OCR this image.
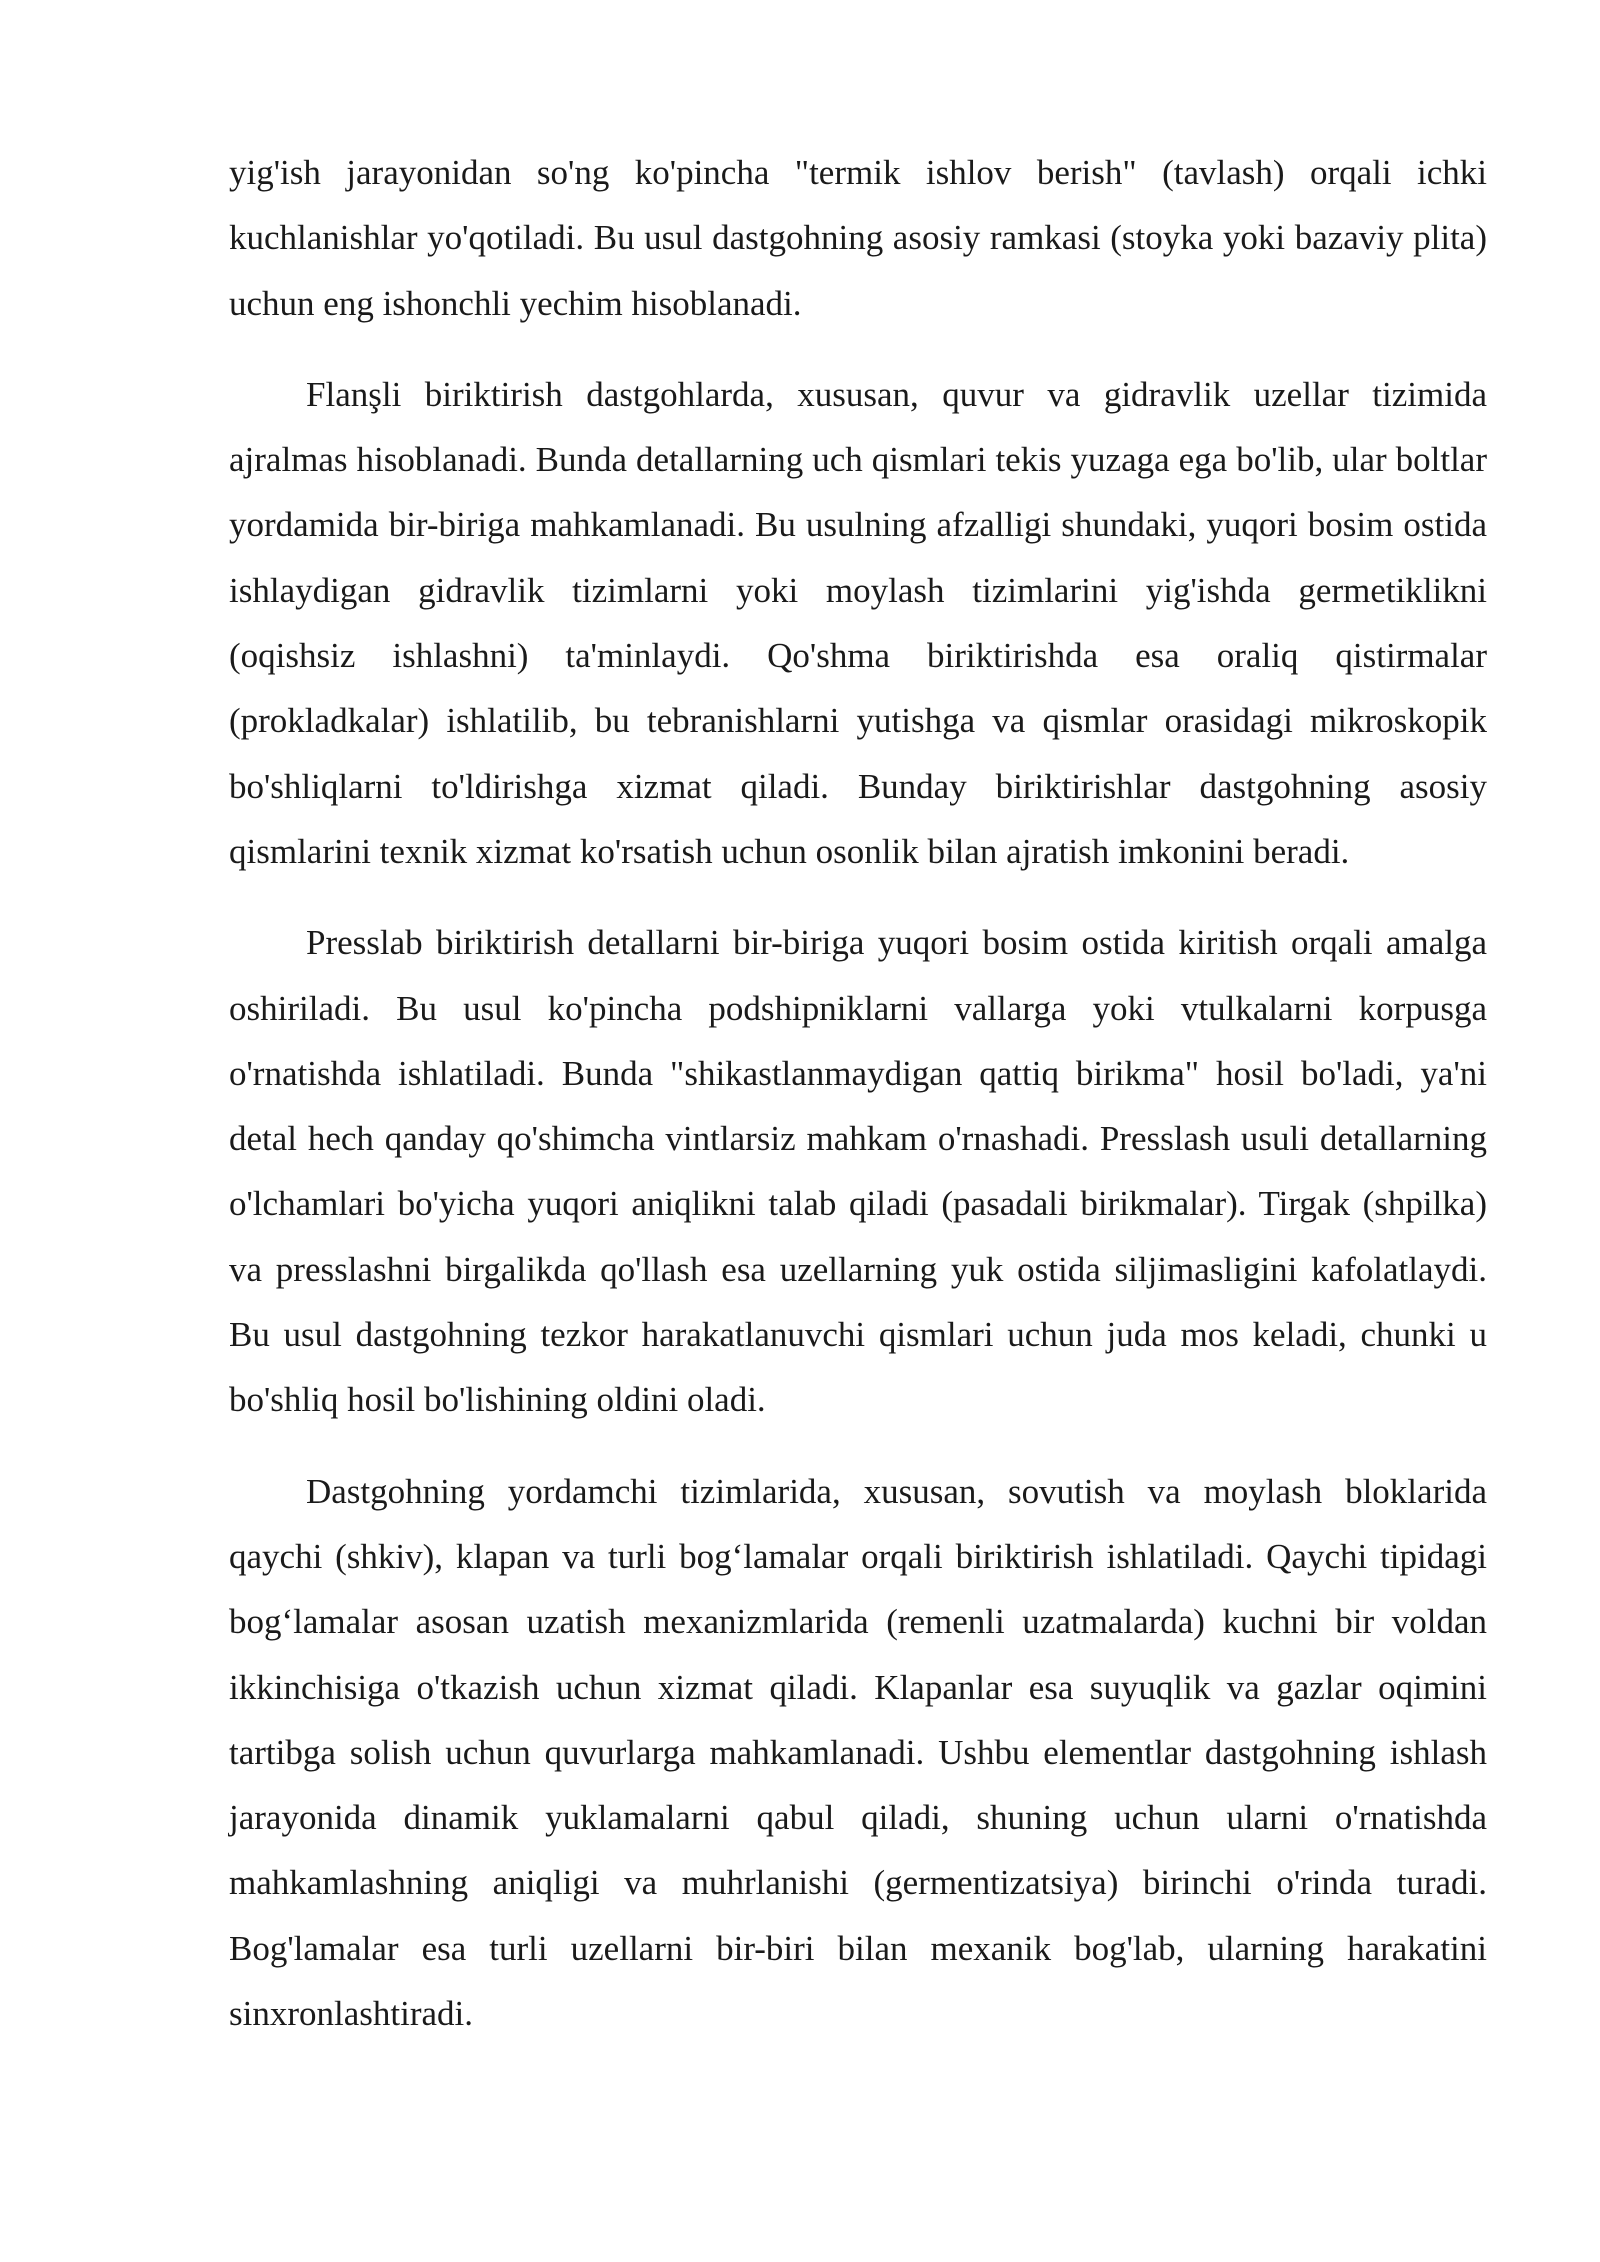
yig'ish jarayonidan so'ng ko'pincha "termik ishlov berish" (tavlash) orqali ichki kuchlanishlar yo'qotiladi. Bu usul dastgohning asosiy ramkasi (stoyka yoki bazaviy plita) uchun eng ishonchli yechim hisoblanadi.

Flanşli biriktirish dastgohlarda, xususan, quvur va gidravlik uzellar tizimida ajralmas hisoblanadi. Bunda detallarning uch qismlari tekis yuzaga ega bo'lib, ular boltlar yordamida bir-biriga mahkamlanadi. Bu usulning afzalligi shundaki, yuqori bosim ostida ishlaydigan gidravlik tizimlarni yoki moylash tizimlarini yig'ishda germetiklikni (oqishsiz ishlashni) ta'minlaydi. Qo'shma biriktirishda esa oraliq qistirmalar (prokladkalar) ishlatilib, bu tebranishlarni yutishga va qismlar orasidagi mikroskopik bo'shliqlarni to'ldirishga xizmat qiladi. Bunday biriktirishlar dastgohning asosiy qismlarini texnik xizmat ko'rsatish uchun osonlik bilan ajratish imkonini beradi.

Presslab biriktirish detallarni bir-biriga yuqori bosim ostida kiritish orqali amalga oshiriladi. Bu usul ko'pincha podshipniklarni vallarga yoki vtulkalarni korpusga o'rnatishda ishlatiladi. Bunda "shikastlanmaydigan qattiq birikma" hosil bo'ladi, ya'ni detal hech qanday qo'shimcha vintlarsiz mahkam o'rnashadi. Presslash usuli detallarning o'lchamlari bo'yicha yuqori aniqlikni talab qiladi (pasadali birikmalar). Tirgak (shpilka) va presslashni birgalikda qo'llash esa uzellarning yuk ostida siljimasligini kafolatlaydi. Bu usul dastgohning tezkor harakatlanuvchi qismlari uchun juda mos keladi, chunki u bo'shliq hosil bo'lishining oldini oladi.

Dastgohning yordamchi tizimlarida, xususan, sovutish va moylash bloklarida qaychi (shkiv), klapan va turli bog‘lamalar orqali biriktirish ishlatiladi. Qaychi tipidagi bog‘lamalar asosan uzatish mexanizmlarida (remenli uzatmalarda) kuchni bir voldan ikkinchisiga o'tkazish uchun xizmat qiladi. Klapanlar esa suyuqlik va gazlar oqimini tartibga solish uchun quvurlarga mahkamlanadi. Ushbu elementlar dastgohning ishlash jarayonida dinamik yuklamalarni qabul qiladi, shuning uchun ularni o'rnatishda mahkamlashning aniqligi va muhrlanishi (germentizatsiya) birinchi o'rinda turadi. Bog'lamalar esa turli uzellarni bir-biri bilan mexanik bog'lab, ularning harakatini sinxronlashtiradi.
